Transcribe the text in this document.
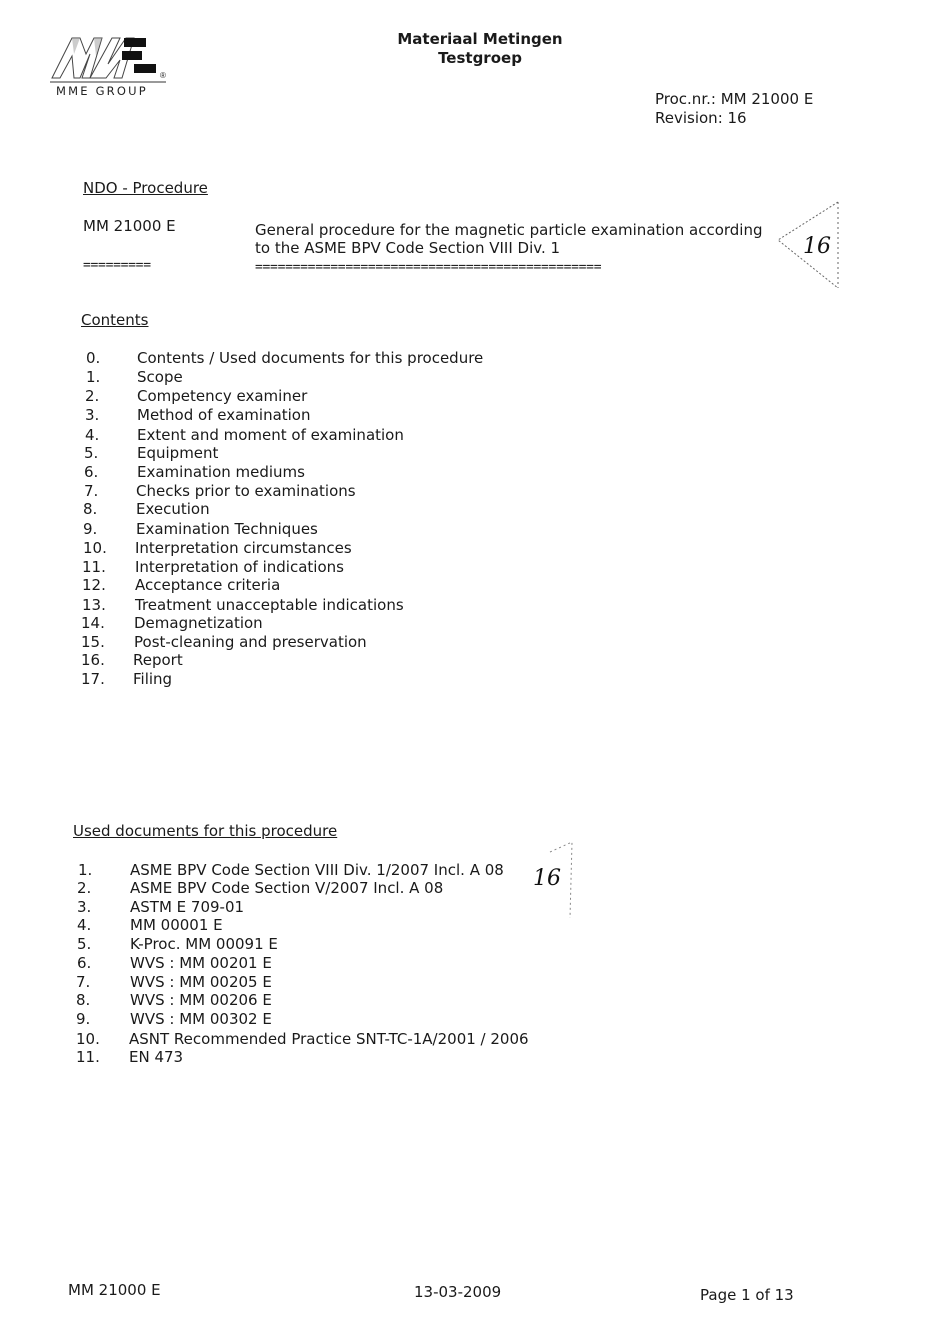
®
MME GROUP
Materiaal Metingen
Testgroep
Proc.nr.: MM 21000 E
Revision: 16
NDO - Procedure
MM 21000 E	General procedure for the magnetic particle examination according to the ASME BPV Code Section VIII Div. 1
=========	==============================================
16
Contents
0. Contents / Used documents for this procedure
1. Scope
2.	Competency examiner
3.	Method of examination
4.	Extent and moment of examination
5.	Equipment
6.	Examination mediums
7.	Checks prior to examinations
8.	Execution
9.	Examination Techniques
10. Interpretation circumstances
11. Interpretation of indications
12. Acceptance criteria
13. Treatment unacceptable indications
14. Demagnetization
15. Post-cleaning and preservation
16. Report
17. Filing
Used documents for this procedure
1.	ASME BPV Code Section VIII Div. 1/2007 Incl. A 08
2.	ASME BPV Code Section V/2007 Incl. A 08
3.	ASTM E 709-01
4.	MM 00001 E
5.	K-Proc. MM 00091 E
6.	WVS : MM 00201 E
7.	WVS : MM 00205 E
8.	WVS : MM 00206 E
9.	WVS : MM 00302 E
10. ASNT Recommended Practice SNT-TC-1A/2001 / 2006
11. EN 473
16
MM 21000 E	13-03-2009	Page 1 of 13
